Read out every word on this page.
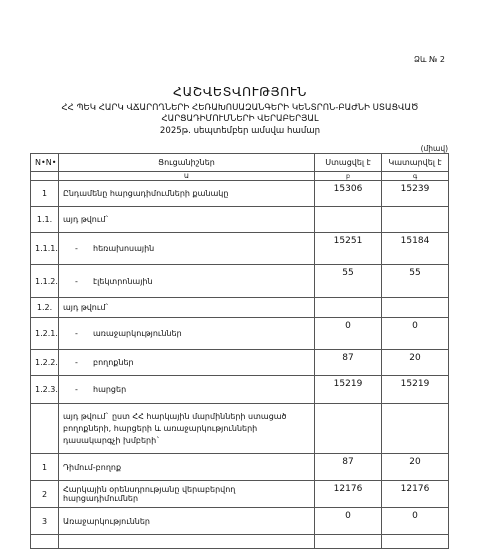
Ձև № 2
ՀԱՇՎԵՏՎՈՒԹՅՈՒՆ
ՀՀ ՊԵԿ ՀԱՐԿ ՎՃԱՐՈՂՆԵՐԻ ՀԵՌԱԽՈՍԱԶԱՆԳԵՐԻ ԿԵՆՏՐՈՆ-ԲԱԺՆԻ ՍՏԱՑՎԱԾ
ՀԱՐՑԱԴԻՄՈՒՄՆԵՐԻ ՎԵՐԱԲԵՐՅԱԼ
2025թ. սեպտեմբեր ամսվա համար
(միավ)
N•N•	Ցուցանիշներ	Ստացվել է	Կատարվել է
	Ա	բ	գ
1	Ընդամենը հարցադիմումների քանակը	15306	15239
1.1.	այդ թվում`		
1.1.1.	- հեռախոսային	15251	15184
1.1.2.	- էլեկտրոնային	55	55
1.2.	այդ թվում`		
1.2.1.	- առաջարկություններ	0	0
1.2.2.	- բողոքներ	87	20
1.2.3.	- հարցեր	15219	15219
	այդ թվում` ըստ ՀՀ հարկային մարմինների ստացած բողոքների, հարցերի և առաջարկությունների դասակարգչի խմբերի`		
1	Դիմում-բողոք	87	20
2	Հարկային օրենսդրությանը վերաբերվող հարցադիմումներ	12176	12176
3	Առաջարկություններ	0	0
